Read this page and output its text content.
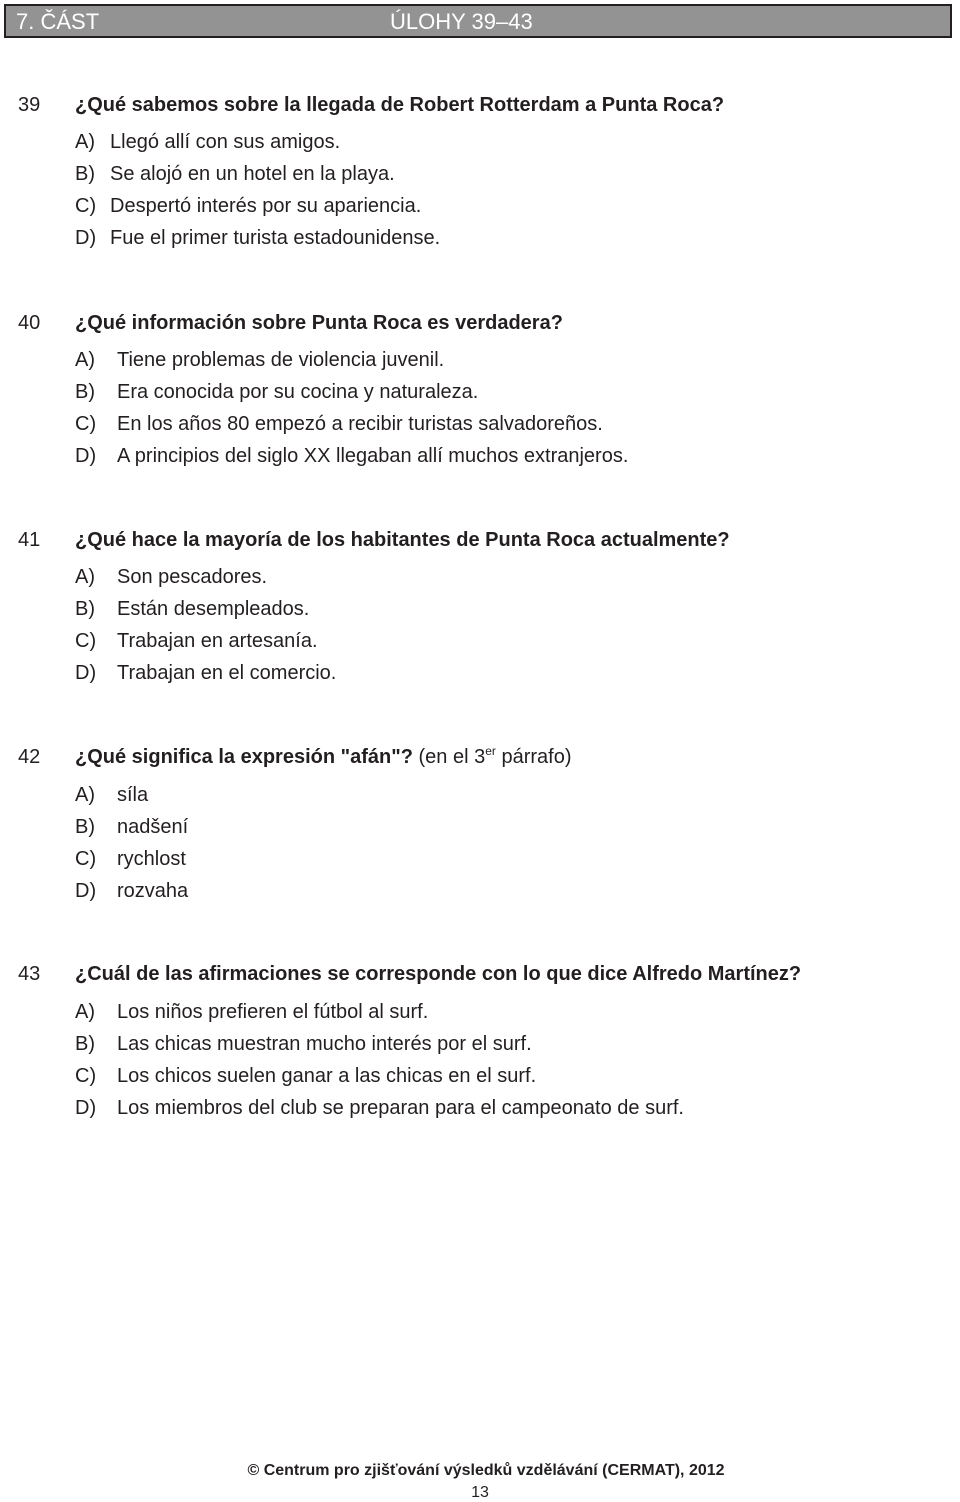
7. ČÁST	ÚLOHY 39–43
39 ¿Qué sabemos sobre la llegada de Robert Rotterdam a Punta Roca?
A) Llegó allí con sus amigos.
B) Se alojó en un hotel en la playa.
C) Despertó interés por su apariencia.
D) Fue el primer turista estadounidense.
40 ¿Qué información sobre Punta Roca es verdadera?
A) Tiene problemas de violencia juvenil.
B) Era conocida por su cocina y naturaleza.
C) En los años 80 empezó a recibir turistas salvadoreños.
D) A principios del siglo XX llegaban allí muchos extranjeros.
41 ¿Qué hace la mayoría de los habitantes de Punta Roca actualmente?
A) Son pescadores.
B) Están desempleados.
C) Trabajan en artesanía.
D) Trabajan en el comercio.
42 ¿Qué significa la expresión "afán"? (en el 3er párrafo)
A) síla
B) nadšení
C) rychlost
D) rozvaha
43 ¿Cuál de las afirmaciones se corresponde con lo que dice Alfredo Martínez?
A) Los niños prefieren el fútbol al surf.
B) Las chicas muestran mucho interés por el surf.
C) Los chicos suelen ganar a las chicas en el surf.
D) Los miembros del club se preparan para el campeonato de surf.
© Centrum pro zjišťování výsledků vzdělávání (CERMAT), 2012
13
